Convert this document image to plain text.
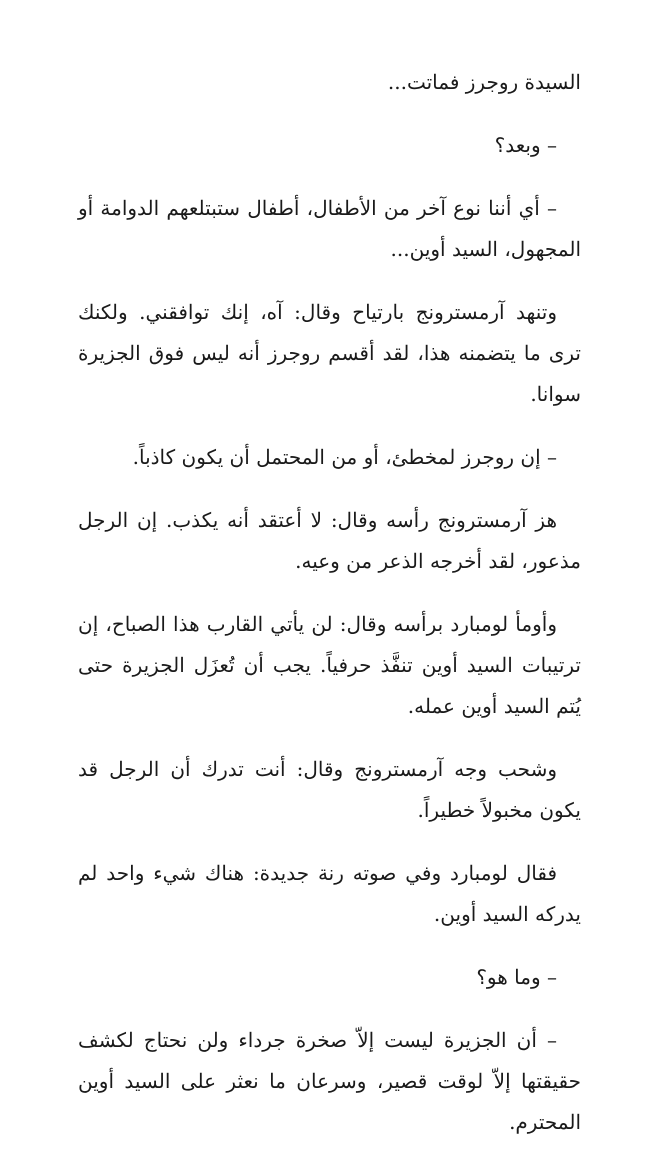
السيدة روجرز فماتت...

– وبعد؟

– أي أننا نوع آخر من الأطفال، أطفال ستبتلعهم الدوامة أو المجهول، السيد أوين...

وتنهد آرمسترونج بارتياح وقال: آه، إنك توافقني. ولكنك ترى ما يتضمنه هذا، لقد أقسم روجرز أنه ليس فوق الجزيرة سوانا.

– إن روجرز لمخطئ، أو من المحتمل أن يكون كاذباً.

هز آرمسترونج رأسه وقال: لا أعتقد أنه يكذب. إن الرجل مذعور، لقد أخرجه الذعر من وعيه.

وأومأ لومبارد برأسه وقال: لن يأتي القارب هذا الصباح، إن ترتيبات السيد أوين تنفَّذ حرفياً. يجب أن تُعزَل الجزيرة حتى يُتم السيد أوين عمله.

وشحب وجه آرمسترونج وقال: أنت تدرك أن الرجل قد يكون مخبولاً خطيراً.

فقال لومبارد وفي صوته رنة جديدة: هناك شيء واحد لم يدركه السيد أوين.

– وما هو؟

– أن الجزيرة ليست إلاّ صخرة جرداء ولن نحتاج لكشف حقيقتها إلاّ لوقت قصير، وسرعان ما نعثر على السيد أوين المحترم.
